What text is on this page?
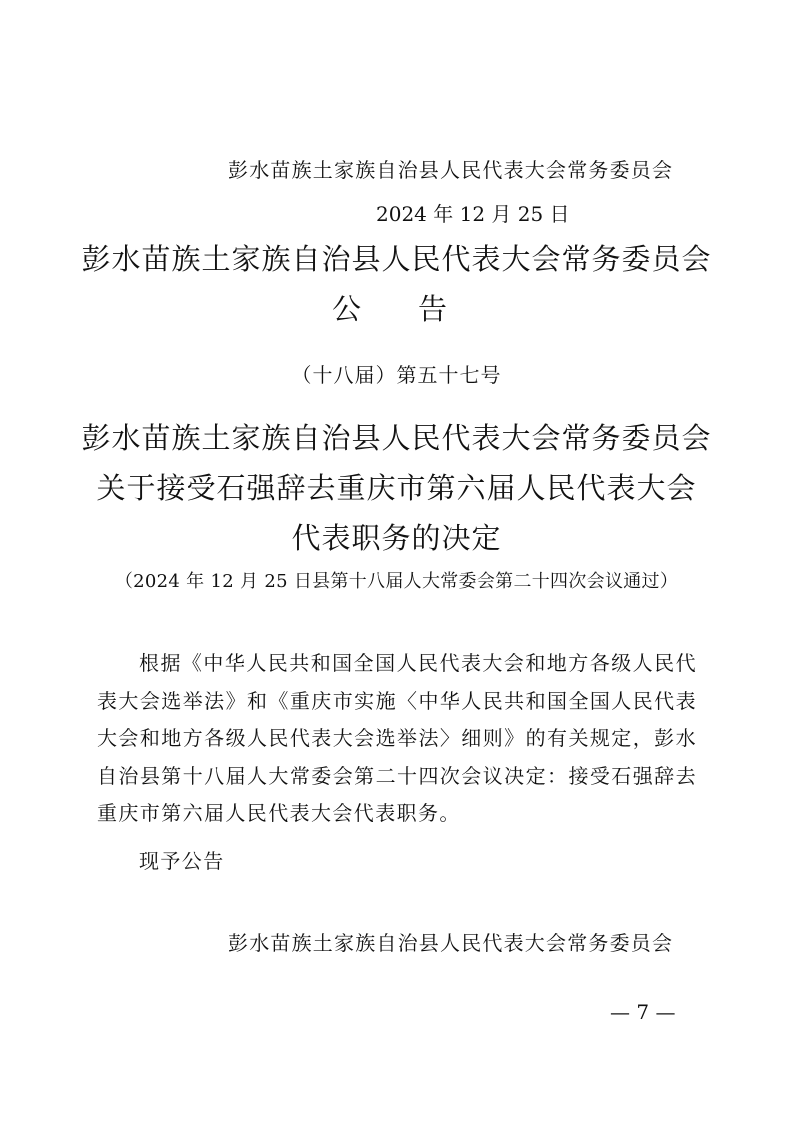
彭水苗族土家族自治县人民代表大会常务委员会
2024 年 12 月 25 日
彭水苗族土家族自治县人民代表大会常务委员会
公　告
（十八届）第五十七号
彭水苗族土家族自治县人民代表大会常务委员会
关于接受石强辞去重庆市第六届人民代表大会
代表职务的决定
（2024 年 12 月 25 日县第十八届人大常委会第二十四次会议通过）
根据《中华人民共和国全国人民代表大会和地方各级人民代表大会选举法》和《重庆市实施〈中华人民共和国全国人民代表大会和地方各级人民代表大会选举法〉细则》的有关规定，彭水自治县第十八届人大常委会第二十四次会议决定：接受石强辞去重庆市第六届人民代表大会代表职务。
现予公告
彭水苗族土家族自治县人民代表大会常务委员会
— 7 —
